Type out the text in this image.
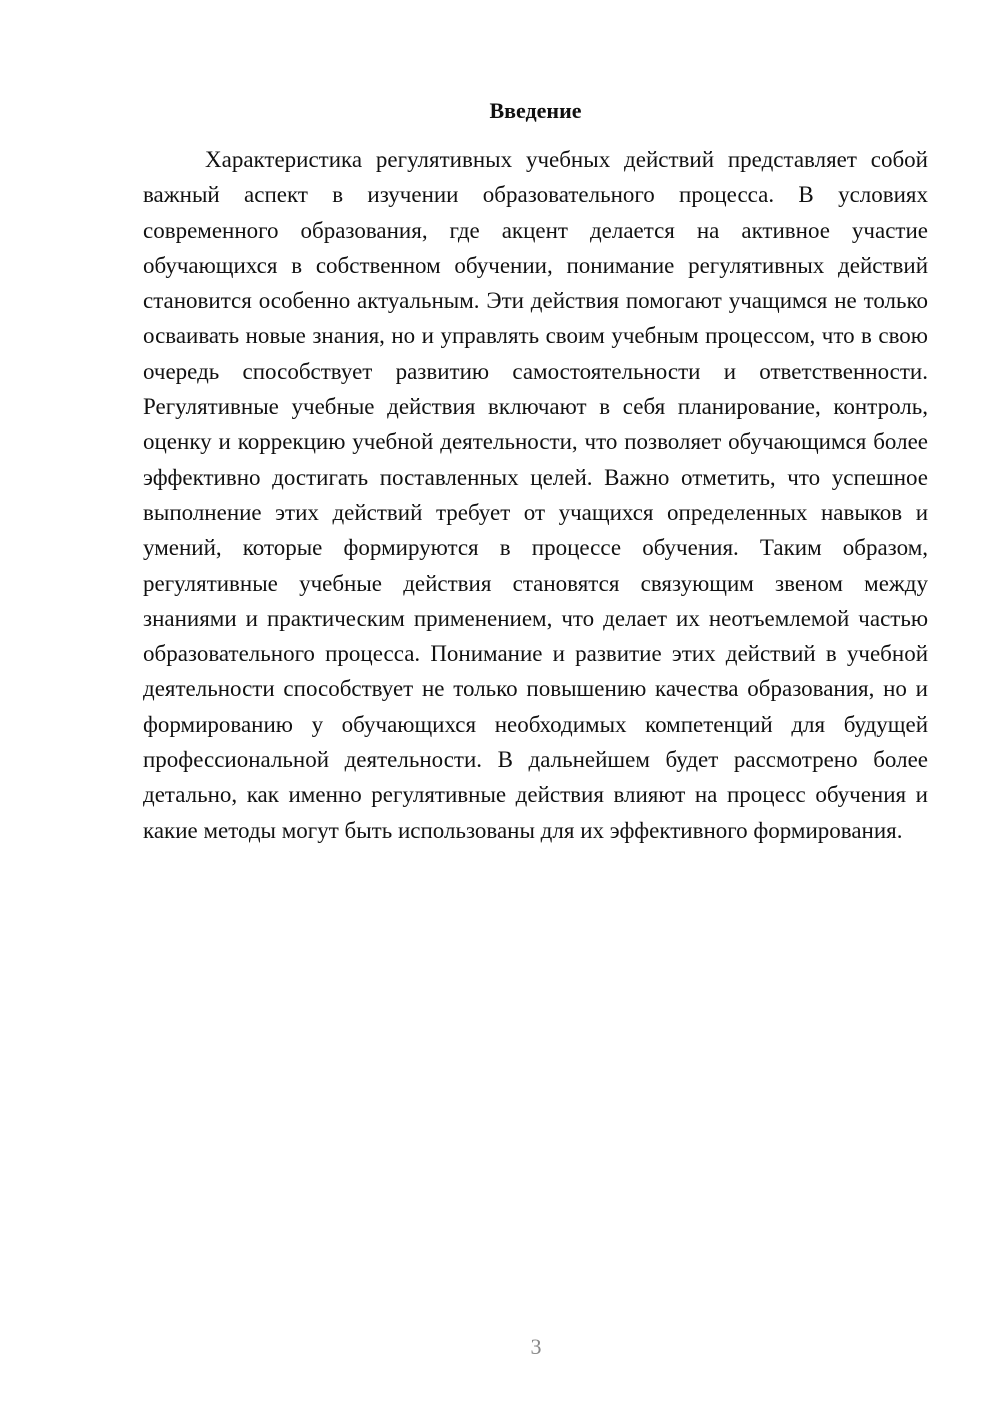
Введение

Характеристика регулятивных учебных действий представляет собой важный аспект в изучении образовательного процесса. В условиях современного образования, где акцент делается на активное участие обучающихся в собственном обучении, понимание регулятивных действий становится особенно актуальным. Эти действия помогают учащимся не только осваивать новые знания, но и управлять своим учебным процессом, что в свою очередь способствует развитию самостоятельности и ответственности. Регулятивные учебные действия включают в себя планирование, контроль, оценку и коррекцию учебной деятельности, что позволяет обучающимся более эффективно достигать поставленных целей. Важно отметить, что успешное выполнение этих действий требует от учащихся определенных навыков и умений, которые формируются в процессе обучения. Таким образом, регулятивные учебные действия становятся связующим звеном между знаниями и практическим применением, что делает их неотъемлемой частью образовательного процесса. Понимание и развитие этих действий в учебной деятельности способствует не только повышению качества образования, но и формированию у обучающихся необходимых компетенций для будущей профессиональной деятельности. В дальнейшем будет рассмотрено более детально, как именно регулятивные действия влияют на процесс обучения и какие методы могут быть использованы для их эффективного формирования.

3
